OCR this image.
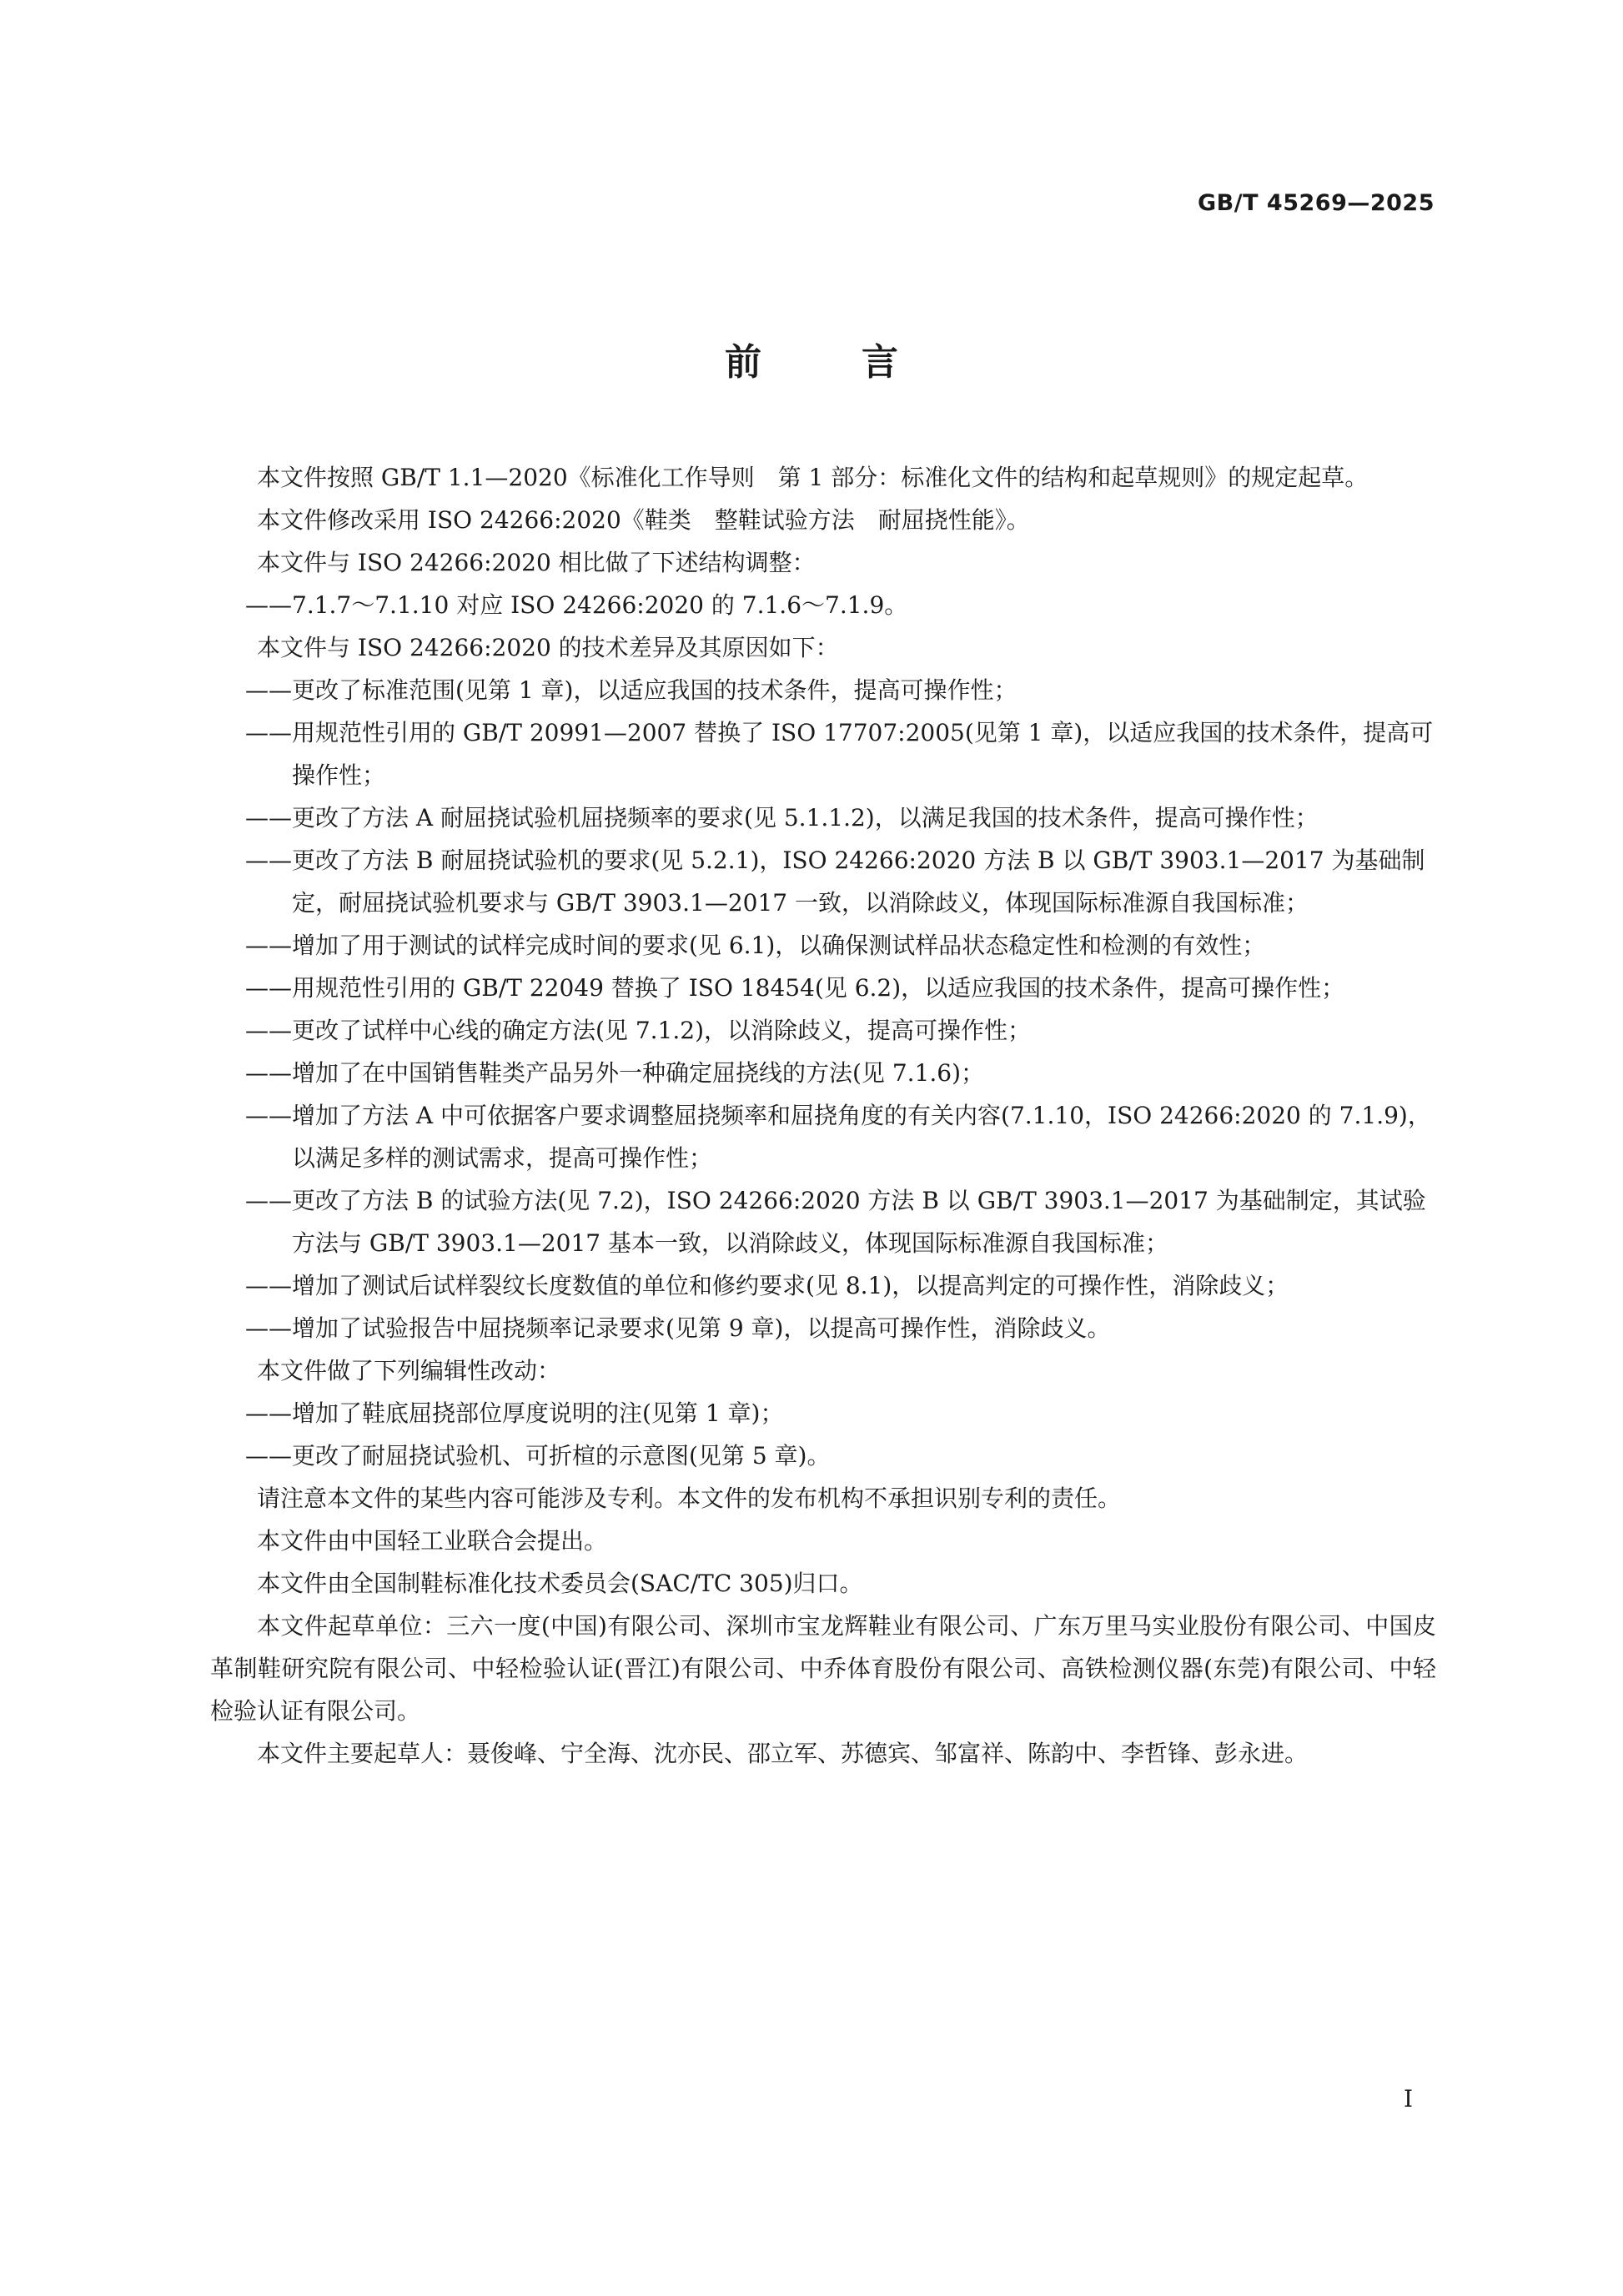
GB/T 45269—2025
前言
本文件按照 GB/T 1.1—2020《标准化工作导则　第 1 部分：标准化文件的结构和起草规则》的规定起草。
本文件修改采用 ISO 24266:2020《鞋类　整鞋试验方法　耐屈挠性能》。
本文件与 ISO 24266:2020 相比做了下述结构调整：
—— 7.1.7～7.1.10 对应 ISO 24266:2020 的 7.1.6～7.1.9。
本文件与 ISO 24266:2020 的技术差异及其原因如下：
—— 更改了标准范围(见第 1 章)，以适应我国的技术条件，提高可操作性；
—— 用规范性引用的 GB/T 20991—2007 替换了 ISO 17707:2005(见第 1 章)，以适应我国的技术条件，提高可操作性；
—— 更改了方法 A 耐屈挠试验机屈挠频率的要求(见 5.1.1.2)，以满足我国的技术条件，提高可操作性；
—— 更改了方法 B 耐屈挠试验机的要求(见 5.2.1)，ISO 24266:2020 方法 B 以 GB/T 3903.1—2017 为基础制定，耐屈挠试验机要求与 GB/T 3903.1—2017 一致，以消除歧义，体现国际标准源自我国标准；
—— 增加了用于测试的试样完成时间的要求(见 6.1)，以确保测试样品状态稳定性和检测的有效性；
—— 用规范性引用的 GB/T 22049 替换了 ISO 18454(见 6.2)，以适应我国的技术条件，提高可操作性；
—— 更改了试样中心线的确定方法(见 7.1.2)，以消除歧义，提高可操作性；
—— 增加了在中国销售鞋类产品另外一种确定屈挠线的方法(见 7.1.6)；
—— 增加了方法 A 中可依据客户要求调整屈挠频率和屈挠角度的有关内容(7.1.10，ISO 24266:2020 的 7.1.9)，以满足多样的测试需求，提高可操作性；
—— 更改了方法 B 的试验方法(见 7.2)，ISO 24266:2020 方法 B 以 GB/T 3903.1—2017 为基础制定，其试验方法与 GB/T 3903.1—2017 基本一致，以消除歧义，体现国际标准源自我国标准；
—— 增加了测试后试样裂纹长度数值的单位和修约要求(见 8.1)，以提高判定的可操作性，消除歧义；
—— 增加了试验报告中屈挠频率记录要求(见第 9 章)，以提高可操作性，消除歧义。
本文件做了下列编辑性改动：
—— 增加了鞋底屈挠部位厚度说明的注(见第 1 章)；
—— 更改了耐屈挠试验机、可折楦的示意图(见第 5 章)。
请注意本文件的某些内容可能涉及专利。本文件的发布机构不承担识别专利的责任。
本文件由中国轻工业联合会提出。
本文件由全国制鞋标准化技术委员会(SAC/TC 305)归口。
本文件起草单位：三六一度(中国)有限公司、深圳市宝龙辉鞋业有限公司、广东万里马实业股份有限公司、中国皮革制鞋研究院有限公司、中轻检验认证(晋江)有限公司、中乔体育股份有限公司、高铁检测仪器(东莞)有限公司、中轻检验认证有限公司。
本文件主要起草人：聂俊峰、宁全海、沈亦民、邵立军、苏德宾、邹富祥、陈韵中、李哲锋、彭永进。
I
